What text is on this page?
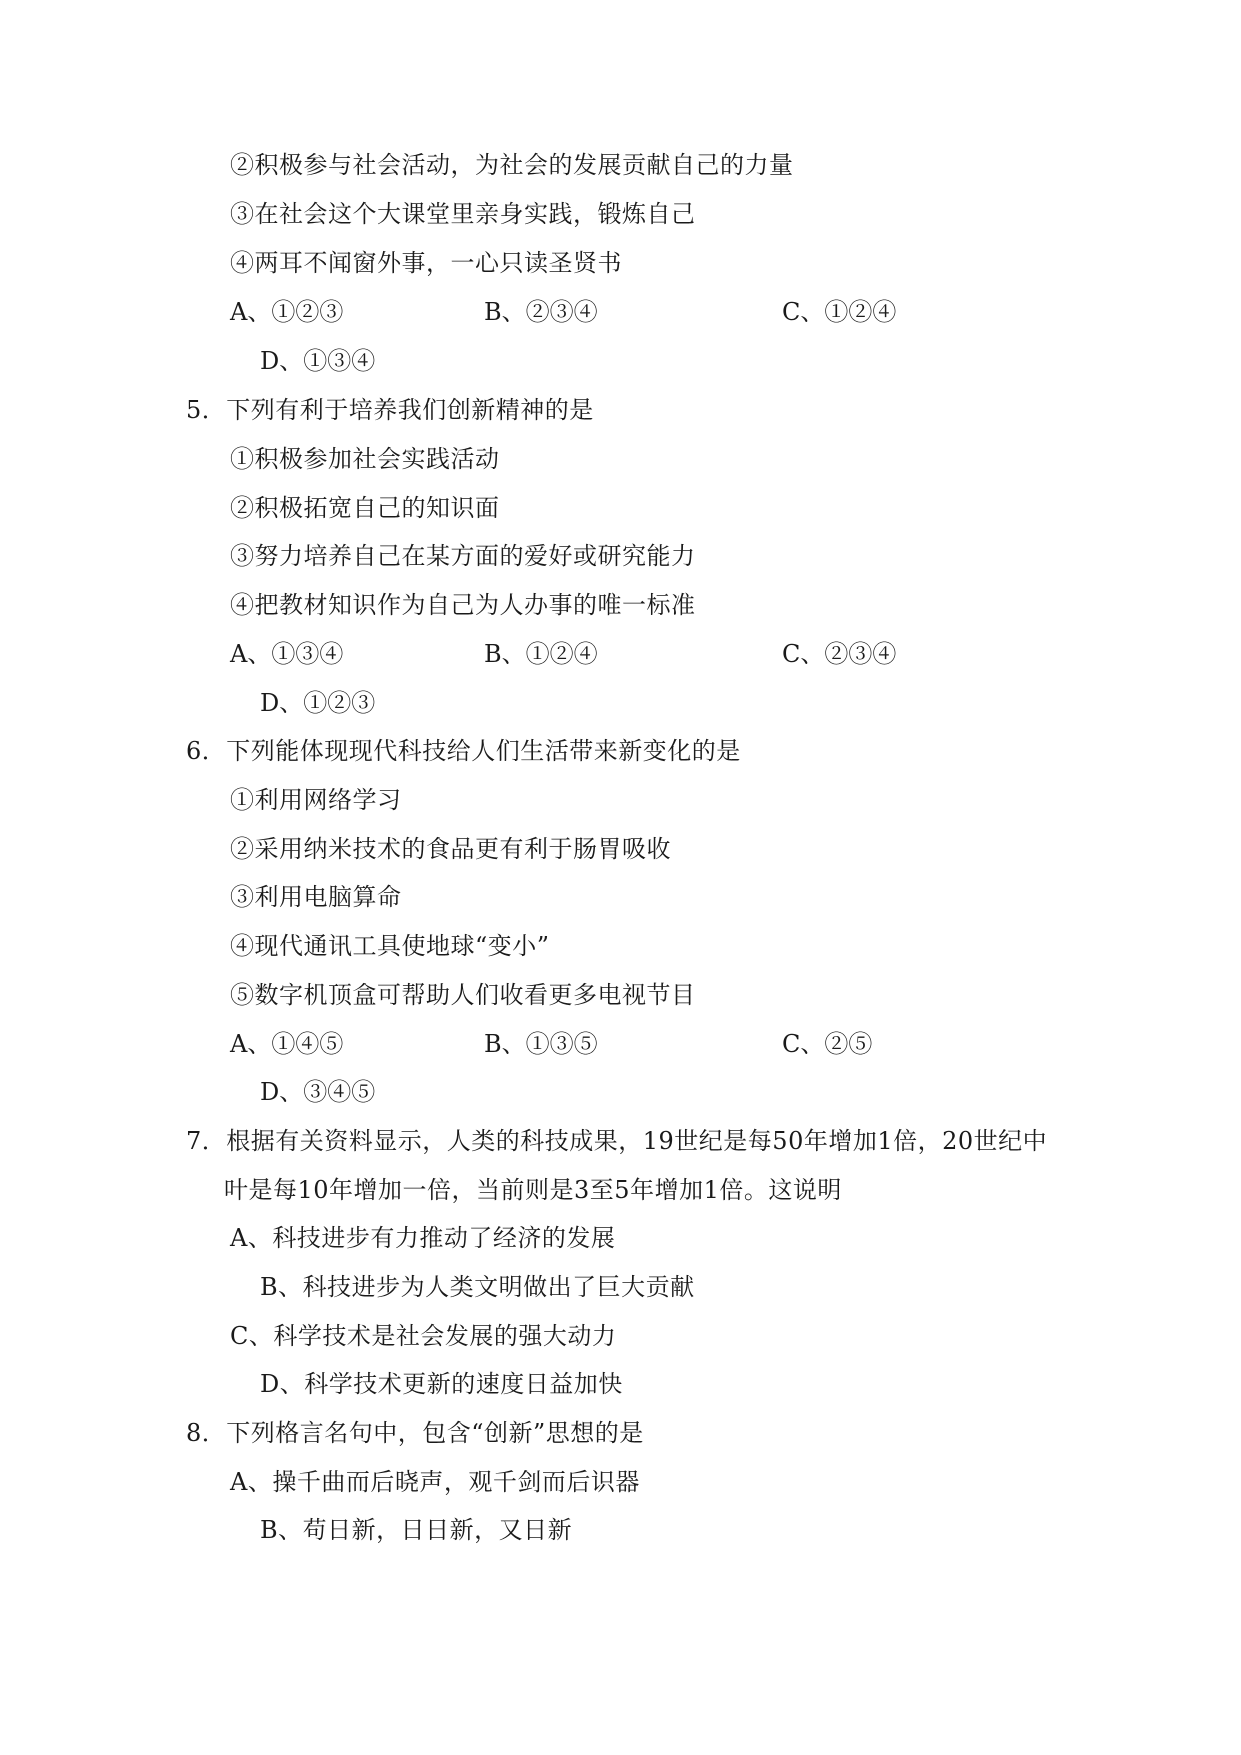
②积极参与社会活动，为社会的发展贡献自己的力量
③在社会这个大课堂里亲身实践，锻炼自己
④两耳不闻窗外事，一心只读圣贤书
A、①②③	B、②③④	C、①②④
D、①③④
5．下列有利于培养我们创新精神的是
①积极参加社会实践活动
②积极拓宽自己的知识面
③努力培养自己在某方面的爱好或研究能力
④把教材知识作为自己为人办事的唯一标准
A、①③④	B、①②④	C、②③④
D、①②③
6．下列能体现现代科技给人们生活带来新变化的是
①利用网络学习
②采用纳米技术的食品更有利于肠胃吸收
③利用电脑算命
④现代通讯工具使地球“变小”
⑤数字机顶盒可帮助人们收看更多电视节目
A、①④⑤	B、①③⑤	C、②⑤
D、③④⑤
7．根据有关资料显示，人类的科技成果，19世纪是每50年增加1倍，20世纪中
叶是每10年增加一倍，当前则是3至5年增加1倍。这说明
A、科技进步有力推动了经济的发展
B、科技进步为人类文明做出了巨大贡献
C、科学技术是社会发展的强大动力
D、科学技术更新的速度日益加快
8．下列格言名句中，包含“创新”思想的是
A、操千曲而后晓声，观千剑而后识器
B、苟日新，日日新，又日新
